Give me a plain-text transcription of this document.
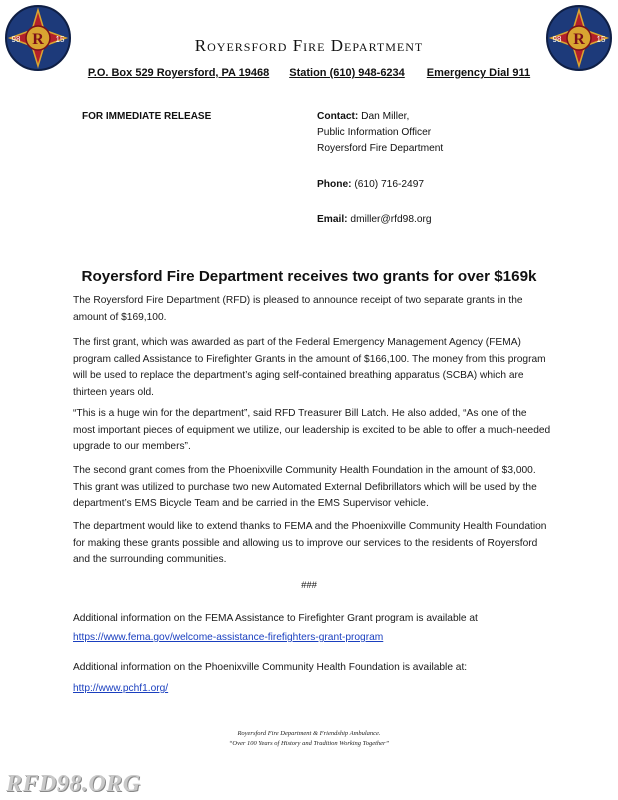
R
98	15	R
98	15
Royersford Fire Department
P.O. Box 529 Royersford, PA 19468 Station (610) 948-6234 Emergency Dial 911
FOR IMMEDIATE RELEASE	Contact: Dan Miller,
Public Information Officer
Royersford Fire Department
Phone: (610) 716-2497
Email: dmiller@rfd98.org
Royersford Fire Department receives two grants for over $169k
The Royersford Fire Department (RFD) is pleased to announce receipt of two separate grants in the amount of $169,100.
The first grant, which was awarded as part of the Federal Emergency Management Agency (FEMA) program called Assistance to Firefighter Grants in the amount of $166,100. The money from this program will be used to replace the department’s aging self-contained breathing apparatus (SCBA) which are thirteen years old.
“This is a huge win for the department”, said RFD Treasurer Bill Latch. He also added, “As one of the most important pieces of equipment we utilize, our leadership is excited to be able to offer a much-needed upgrade to our members”.
The second grant comes from the Phoenixville Community Health Foundation in the amount of $3,000. This grant was utilized to purchase two new Automated External Defibrillators which will be used by the department’s EMS Bicycle Team and be carried in the EMS Supervisor vehicle.
The department would like to extend thanks to FEMA and the Phoenixville Community Health Foundation for making these grants possible and allowing us to improve our services to the residents of Royersford and the surrounding communities.
###
Additional information on the FEMA Assistance to Firefighter Grant program is available at
https://www.fema.gov/welcome-assistance-firefighters-grant-program
Additional information on the Phoenixville Community Health Foundation is available at:
http://www.pchf1.org/
Royersford Fire Department & Friendship Ambulance.
“Over 100 Years of History and Tradition Working Together”
RFD98.ORG
